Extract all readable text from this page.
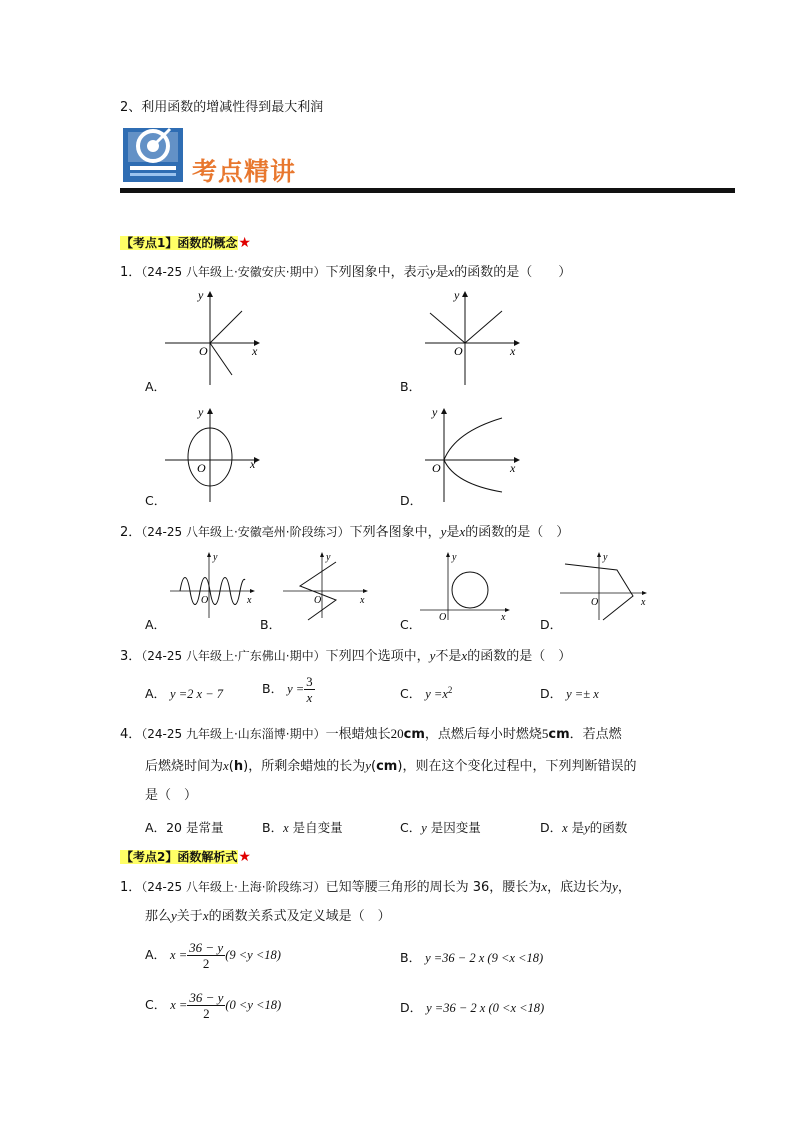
2、利用函数的增减性得到最大利润
考点精讲
【考点1】函数的概念★
1．（24-25 八年级上·安徽安庆·期中）下列图象中，表示y是x的函数的是（　　）
O	x
y
A．
O	x
y
B．
O	x
y
C．
O	x
y
D．
2．（24-25 八年级上·安徽亳州·阶段练习）下列各图象中，y是x的函数的是（　）
O	x
y
A．
O	x
y
B．	O	x
y
C．
O	x
y
D．
3．（24-25 八年级上·广东佛山·期中）下列四个选项中，y不是x的函数的是（　）
A． y =2 x − 7	B． $y = \frac{3}{x}$	C． $y =x^2$	D． y =± x
4．（24-25 九年级上·山东淄博·期中）一根蜡烛长20cm，点燃后每小时燃烧5cm．若点燃
后燃烧时间为x(h)，所剩余蜡烛的长为y(cm)，则在这个变化过程中，下列判断错误的
是（　）
A．20 是常量	B．x 是自变量	C．y 是因变量	D．x 是y的函数
【考点2】函数解析式★
1．（24-25 八年级上·上海·阶段练习）已知等腰三角形的周长为 36，腰长为x，底边长为y，
那么y关于x的函数关系式及定义域是（　）
A． $x = \frac{36 - y}{2} (9 <y <18)$	B． y =36 − 2 x (9 <x <18)
C． $x = \frac{36 - y}{2} (0 <y <18)$	D． y =36 − 2 x (0 <x <18)
